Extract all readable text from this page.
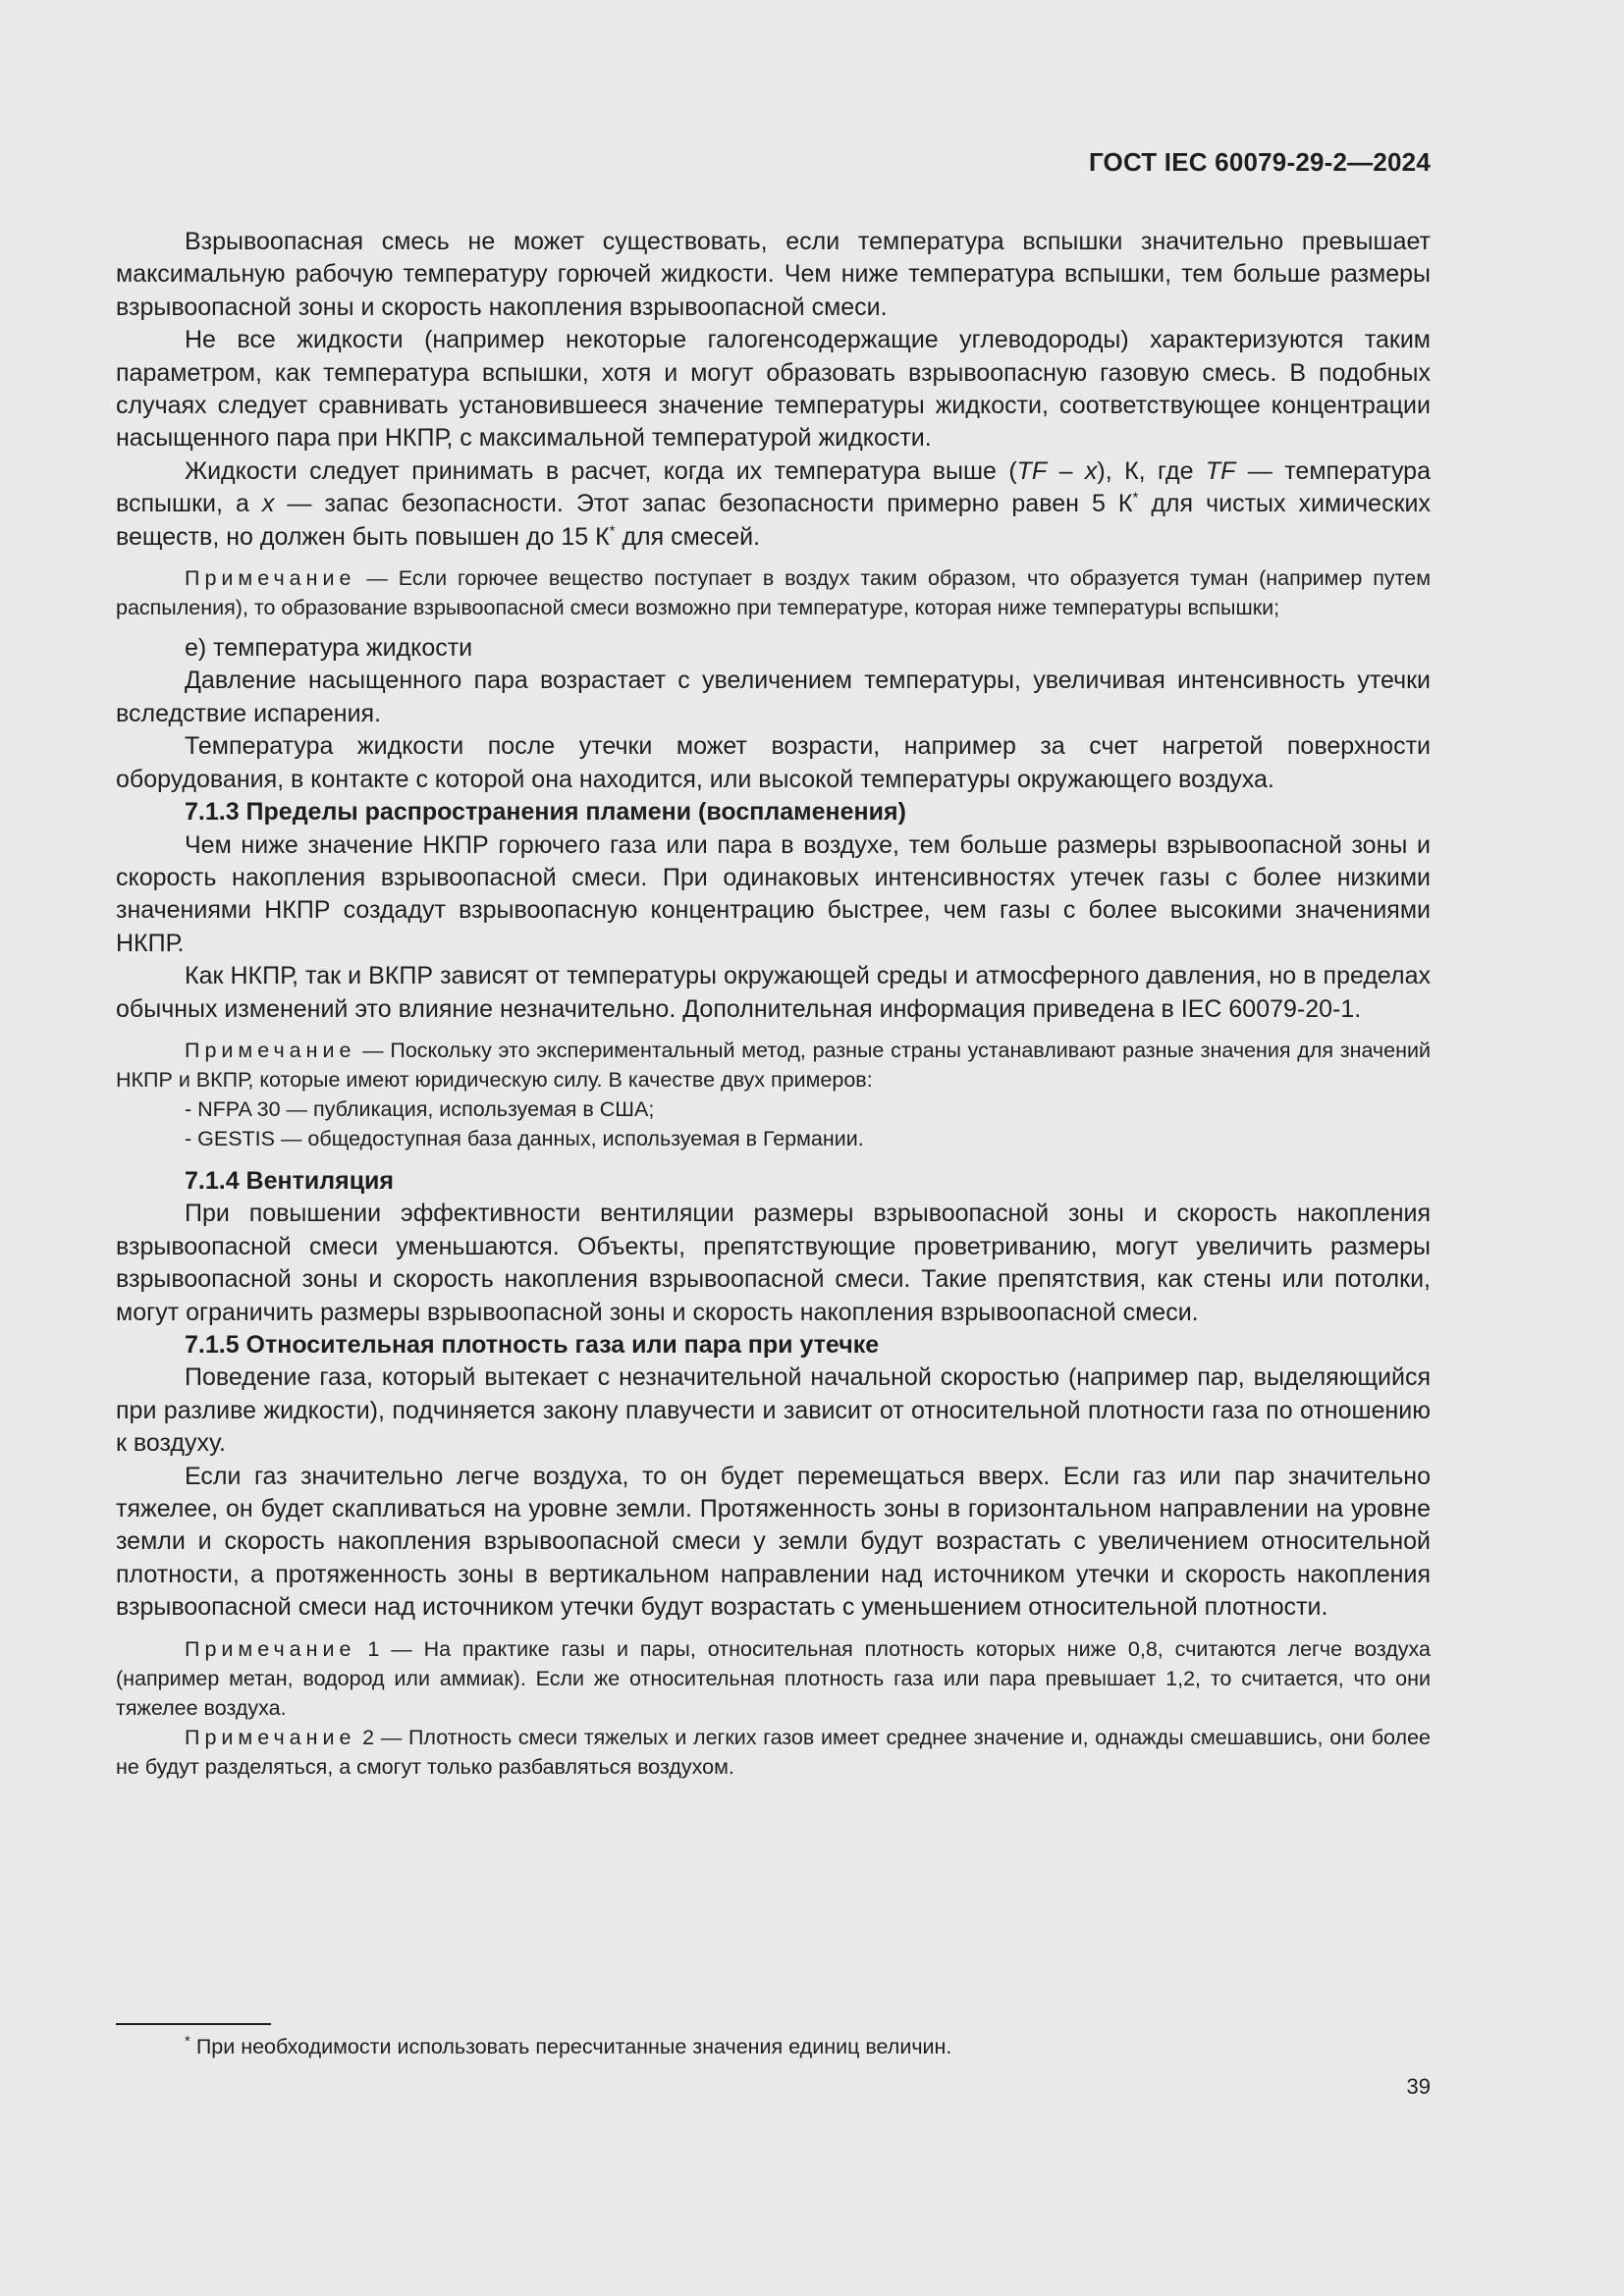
ГОСТ IEC 60079-29-2—2024

Взрывоопасная смесь не может существовать, если температура вспышки значительно превышает максимальную рабочую температуру горючей жидкости. Чем ниже температура вспышки, тем больше размеры взрывоопасной зоны и скорость накопления взрывоопасной смеси.

Не все жидкости (например некоторые галогенсодержащие углеводороды) характеризуются таким параметром, как температура вспышки, хотя и могут образовать взрывоопасную газовую смесь. В подобных случаях следует сравнивать установившееся значение температуры жидкости, соответствующее концентрации насыщенного пара при НКПР, с максимальной температурой жидкости.

Жидкости следует принимать в расчет, когда их температура выше (TF – x), К, где TF — температура вспышки, а x — запас безопасности. Этот запас безопасности примерно равен 5 К* для чистых химических веществ, но должен быть повышен до 15 К* для смесей.

Примечание — Если горючее вещество поступает в воздух таким образом, что образуется туман (например путем распыления), то образование взрывоопасной смеси возможно при температуре, которая ниже температуры вспышки;

e) температура жидкости

Давление насыщенного пара возрастает с увеличением температуры, увеличивая интенсивность утечки вследствие испарения.

Температура жидкости после утечки может возрасти, например за счет нагретой поверхности оборудования, в контакте с которой она находится, или высокой температуры окружающего воздуха.

7.1.3 Пределы распространения пламени (воспламенения)

Чем ниже значение НКПР горючего газа или пара в воздухе, тем больше размеры взрывоопасной зоны и скорость накопления взрывоопасной смеси. При одинаковых интенсивностях утечек газы с более низкими значениями НКПР создадут взрывоопасную концентрацию быстрее, чем газы с более высокими значениями НКПР.

Как НКПР, так и ВКПР зависят от температуры окружающей среды и атмосферного давления, но в пределах обычных изменений это влияние незначительно. Дополнительная информация приведена в IEC 60079-20-1.

Примечание — Поскольку это экспериментальный метод, разные страны устанавливают разные значения для значений НКПР и ВКПР, которые имеют юридическую силу. В качестве двух примеров:

- NFPA 30 — публикация, используемая в США;
- GESTIS — общедоступная база данных, используемая в Германии.

7.1.4 Вентиляция

При повышении эффективности вентиляции размеры взрывоопасной зоны и скорость накопления взрывоопасной смеси уменьшаются. Объекты, препятствующие проветриванию, могут увеличить размеры взрывоопасной зоны и скорость накопления взрывоопасной смеси. Такие препятствия, как стены или потолки, могут ограничить размеры взрывоопасной зоны и скорость накопления взрывоопасной смеси.

7.1.5 Относительная плотность газа или пара при утечке

Поведение газа, который вытекает с незначительной начальной скоростью (например пар, выделяющийся при разливе жидкости), подчиняется закону плавучести и зависит от относительной плотности газа по отношению к воздуху.

Если газ значительно легче воздуха, то он будет перемещаться вверх. Если газ или пар значительно тяжелее, он будет скапливаться на уровне земли. Протяженность зоны в горизонтальном направлении на уровне земли и скорость накопления взрывоопасной смеси у земли будут возрастать с увеличением относительной плотности, а протяженность зоны в вертикальном направлении над источником утечки и скорость накопления взрывоопасной смеси над источником утечки будут возрастать с уменьшением относительной плотности.

Примечание 1 — На практике газы и пары, относительная плотность которых ниже 0,8, считаются легче воздуха (например метан, водород или аммиак). Если же относительная плотность газа или пара превышает 1,2, то считается, что они тяжелее воздуха.

Примечание 2 — Плотность смеси тяжелых и легких газов имеет среднее значение и, однажды смешавшись, они более не будут разделяться, а смогут только разбавляться воздухом.

* При необходимости использовать пересчитанные значения единиц величин.
39
